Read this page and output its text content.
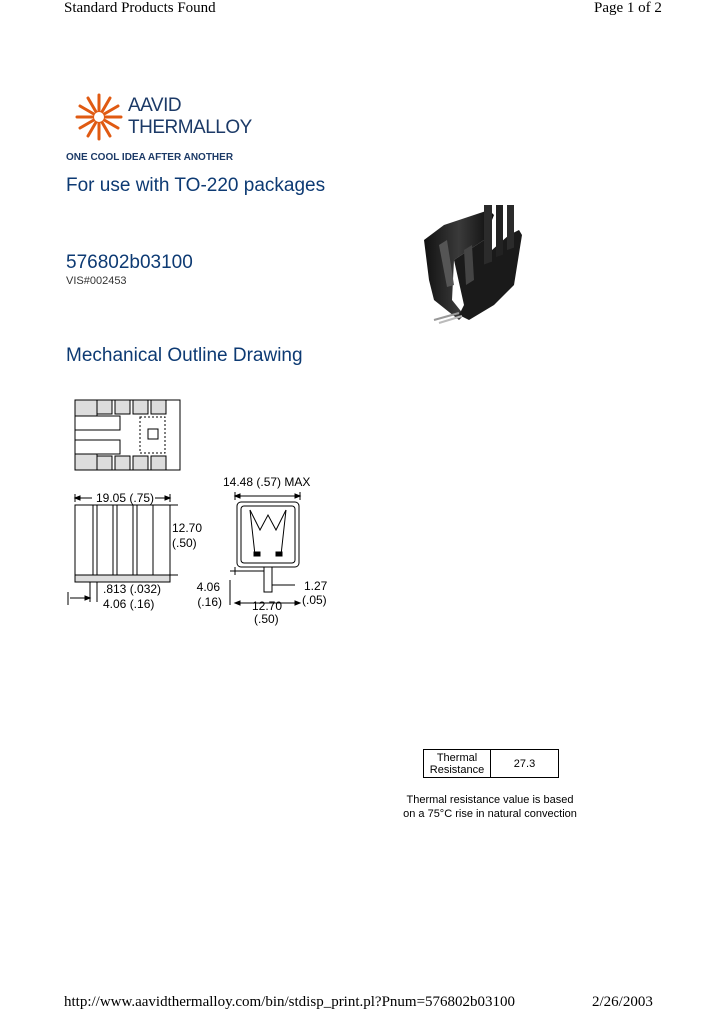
Standard Products Found	Page 1 of 2
AAVID
THERMALLOY
ONE COOL IDEA AFTER ANOTHER
For use with TO-220 packages
576802b03100
VIS#002453
Mechanical Outline Drawing
19.05 (.75)
12.70
(.50)
.813 (.032)
4.06 (.16)
14.48 (.57) MAX
4.06
(.16)	12.70
(.50)
1.27
(.05)
Thermal
Resistance	27.3
Thermal resistance value is based on a 75°C rise in natural convection
http://www.aavidthermalloy.com/bin/stdisp_print.pl?Pnum=576802b03100	2/26/2003
